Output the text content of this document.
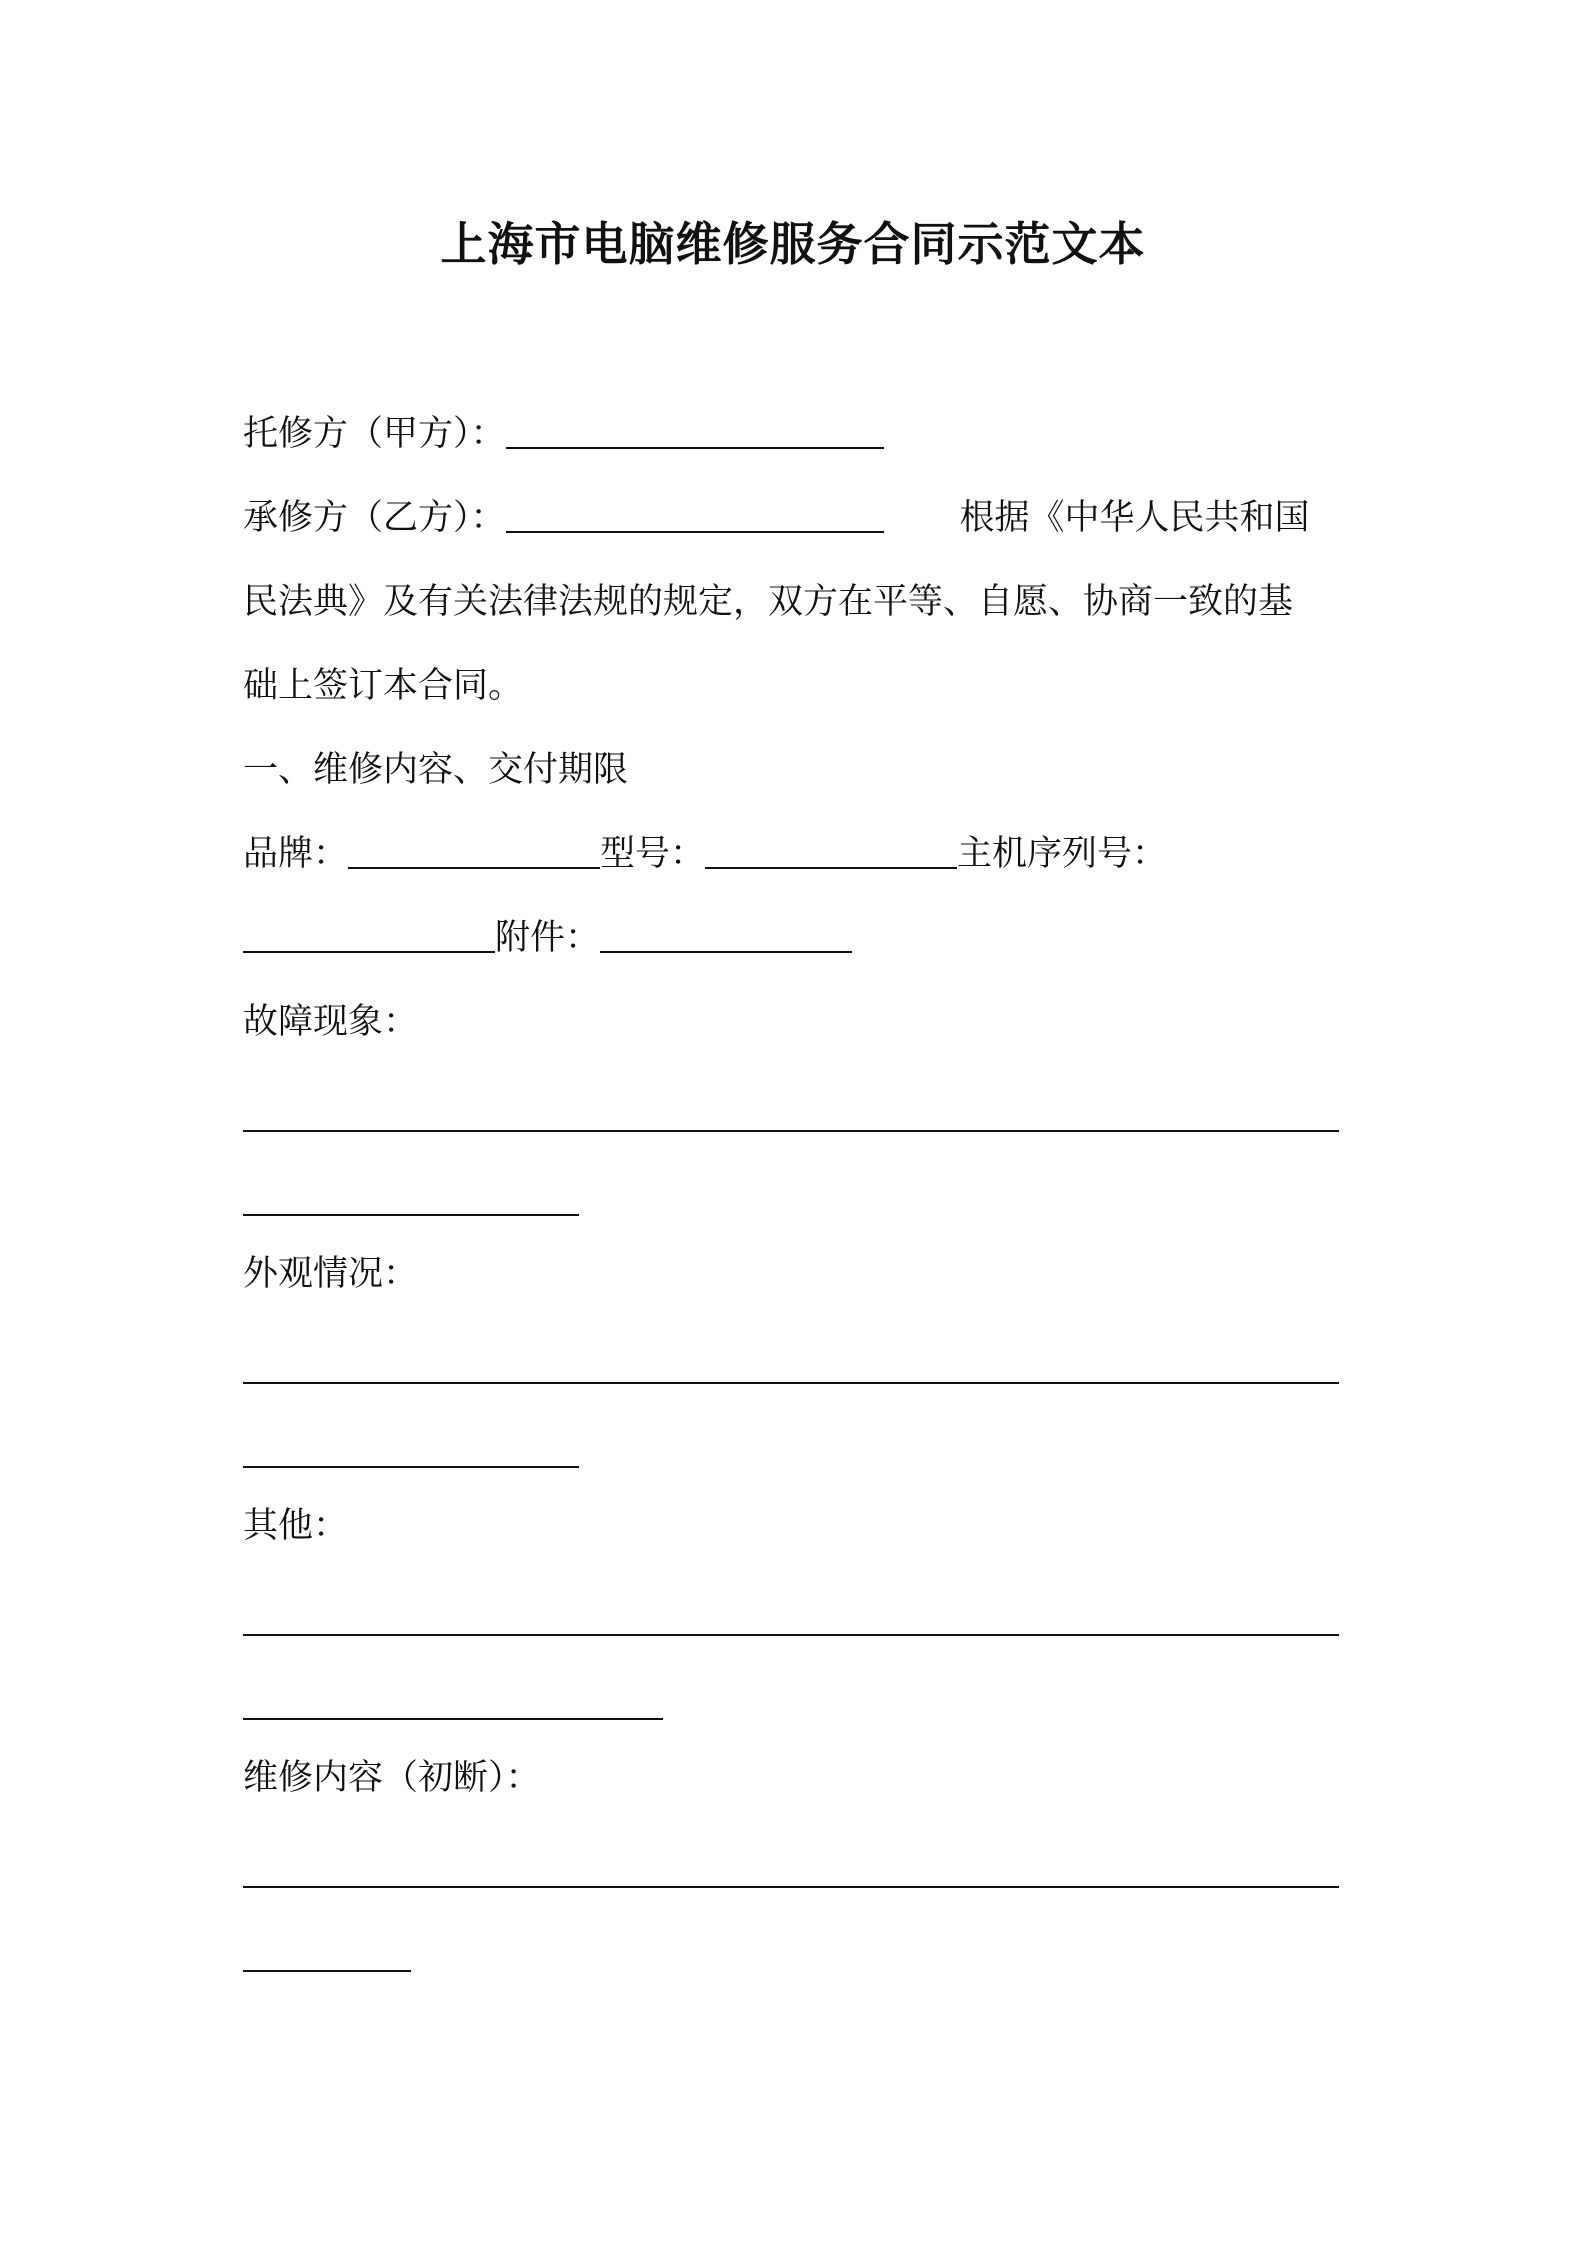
上海市电脑维修服务合同示范文本
托修方（甲方）：
承修方（乙方）：	根据《中华人民共和国
民法典》及有关法律法规的规定，双方在平等、自愿、协商一致的基
础上签订本合同。
一、维修内容、交付期限
品牌：	型号：	主机序列号：
附件：
故障现象：
外观情况：
其他：
维修内容（初断）：
